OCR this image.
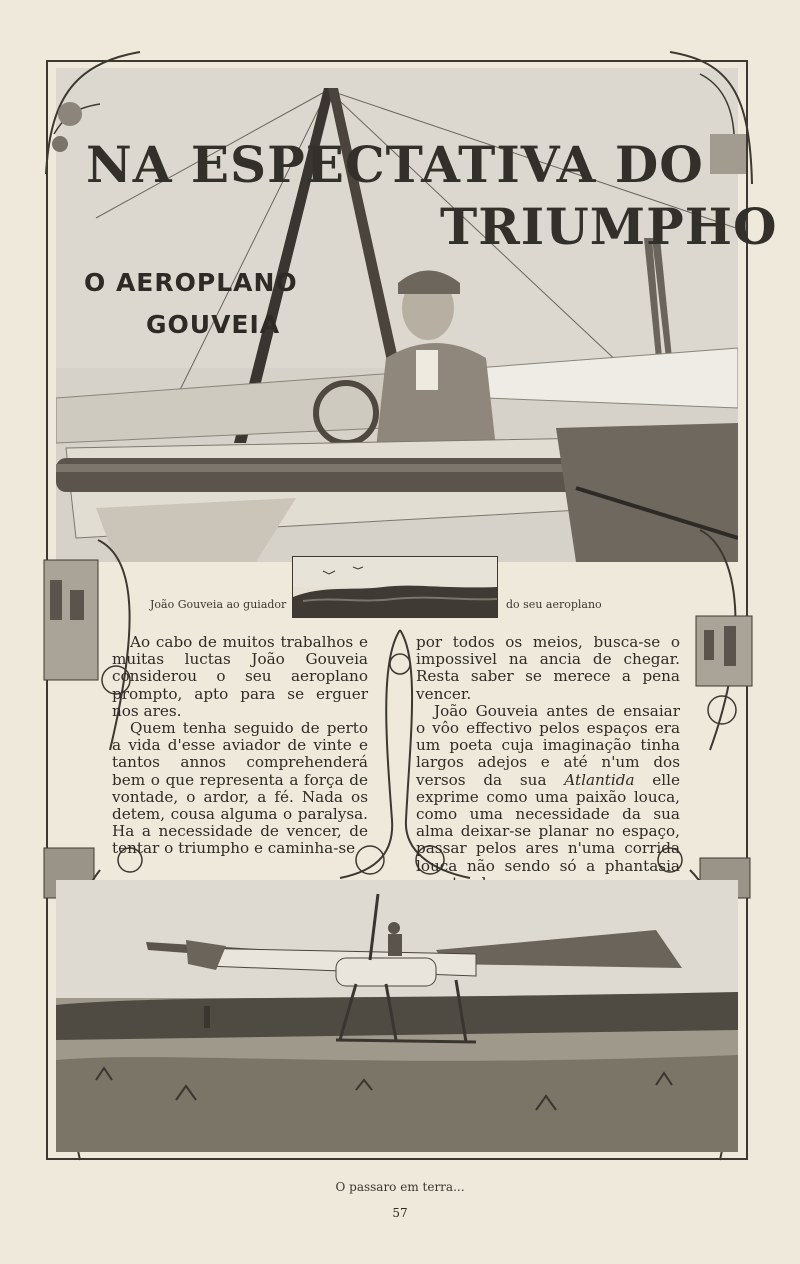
NA ESPECTATIVA DO
TRIUMPHO
O AEROPLANO
GOUVEIA
João Gouveia ao guiador	do seu aeroplano

Ao cabo de muitos trabalhos e muitas luctas João Gouveia considerou o seu aeroplano prompto, apto para se erguer nos ares.

Quem tenha seguido de perto a vida d'esse aviador de vinte e tantos annos comprehenderá bem o que representa a força de vontade, o ardor, a fé. Nada os detem, cousa alguma o paralysa. Ha a necessidade de vencer, de tentar o triumpho e caminha-se

por todos os meios, busca-se o impossivel na ancia de chegar. Resta saber se merece a pena vencer.

João Gouveia antes de ensaiar o vôo effectivo pelos espaços era um poeta cuja imaginação tinha largos adejos e até n'um dos versos da sua Atlantida elle exprime como uma paixão louca, como uma necessidade da sua alma deixar-se planar no espaço, passar pelos ares n'uma corrida louca não sendo só a phantasia

O passaro em terra...
57
